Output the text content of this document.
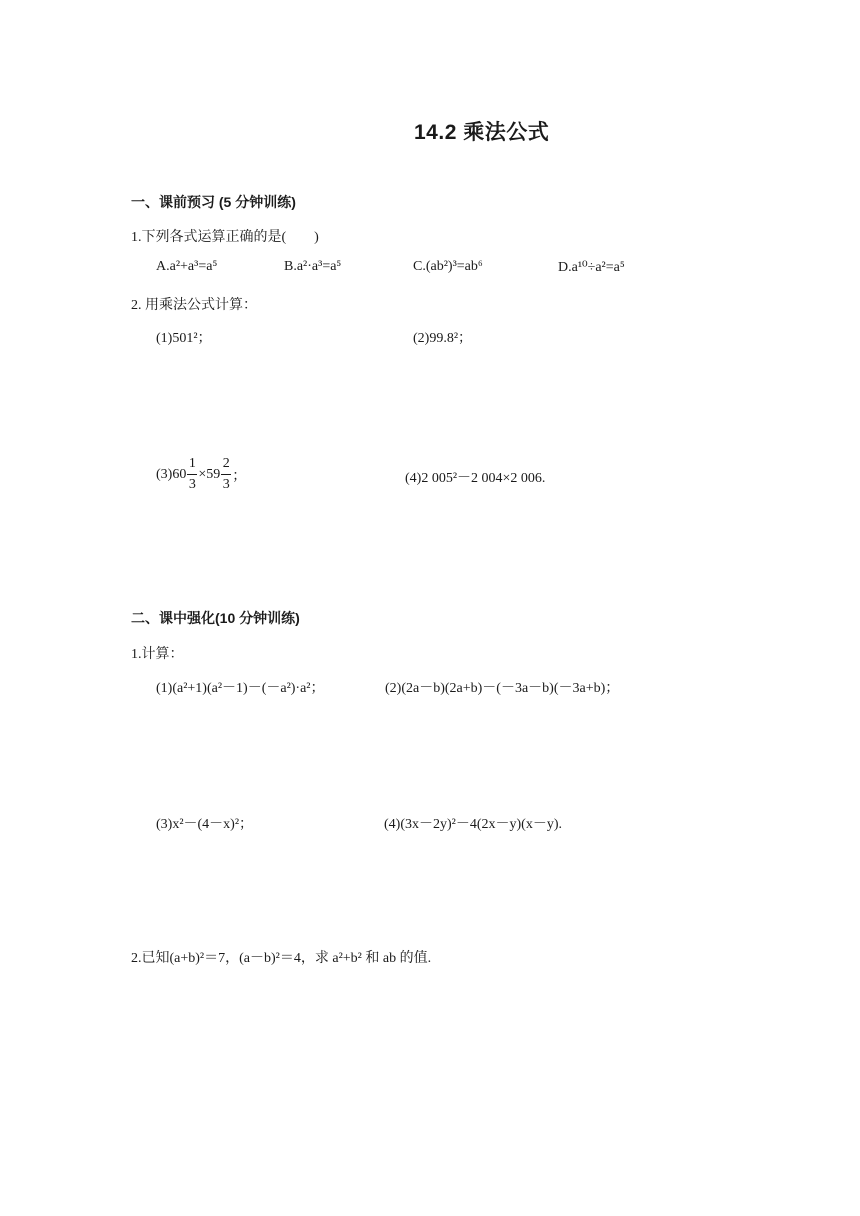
14.2 乘法公式
一、课前预习 (5 分钟训练)
1.下列各式运算正确的是(　　)
A.a²+a³=a⁵	B.a²·a³=a⁵	C.(ab²)³=ab⁶	D.a¹⁰÷a²=a⁵
2. 用乘法公式计算：
(1)501²；	(2)99.8²；
$(3)60 \frac{1}{3} \times 59 \frac{2}{3}$ ；	(4)2 005²－2 004×2 006.
二、课中强化(10 分钟训练)
1.计算：
(1)(a²+1)(a²－1)－(－a²)·a²；	(2)(2a－b)(2a+b)－(－3a－b)(－3a+b)；
(3)x²－(4－x)²；	(4)(3x－2y)²－4(2x－y)(x－y).
2.已知(a+b)²＝7，(a－b)²＝4，求 a²+b² 和 ab 的值.
